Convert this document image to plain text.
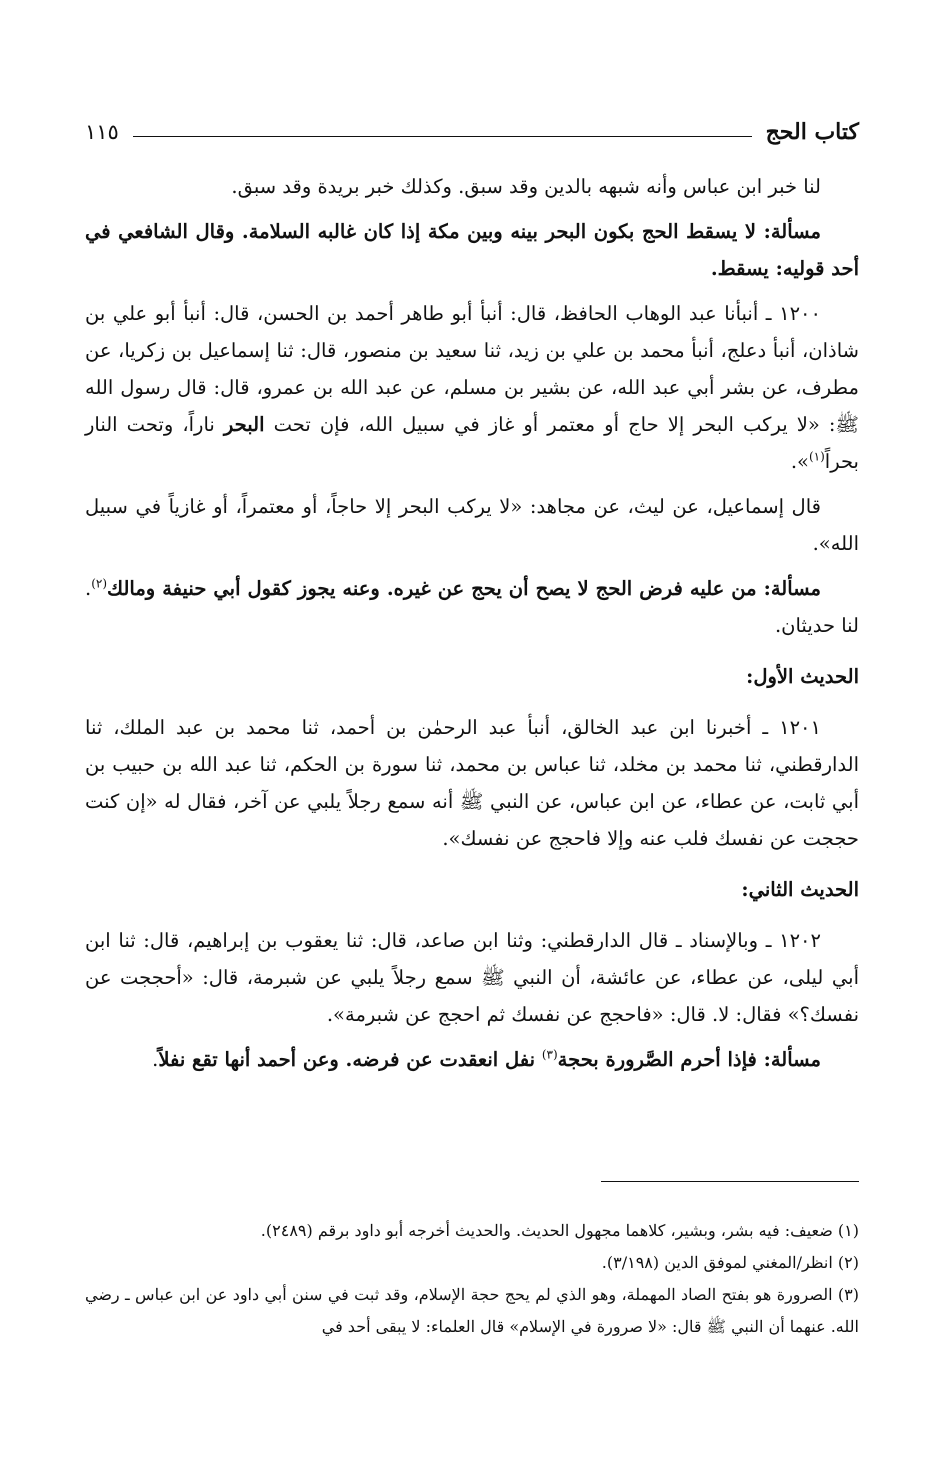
كتاب الحج
١١٥

لنا خبر ابن عباس وأنه شبهه بالدين وقد سبق. وكذلك خبر بريدة وقد سبق.

مسألة: لا يسقط الحج بكون البحر بينه وبين مكة إذا كان غالبه السلامة. وقال الشافعي في أحد قوليه: يسقط.

١٢٠٠ ـ أنبأنا عبد الوهاب الحافظ، قال: أنبأ أبو طاهر أحمد بن الحسن، قال: أنبأ أبو علي بن شاذان، أنبأ دعلج، أنبأ محمد بن علي بن زيد، ثنا سعيد بن منصور، قال: ثنا إسماعيل بن زكريا، عن مطرف، عن بشر أبي عبد الله، عن بشير بن مسلم، عن عبد الله بن عمرو، قال: قال رسول الله ﷺ: «لا يركب البحر إلا حاج أو معتمر أو غاز في سبيل الله، فإن تحت البحر ناراً، وتحت النار بحراً$^{(١)}$».

قال إسماعيل، عن ليث، عن مجاهد: «لا يركب البحر إلا حاجاً، أو معتمراً، أو غازياً في سبيل الله».

مسألة: من عليه فرض الحج لا يصح أن يحج عن غيره. وعنه يجوز كقول أبي حنيفة ومالك$^{(٢)}$. لنا حديثان.

الحديث الأول:

١٢٠١ ـ أخبرنا ابن عبد الخالق، أنبأ عبد الرحمٰن بن أحمد، ثنا محمد بن عبد الملك، ثنا الدارقطني، ثنا محمد بن مخلد، ثنا عباس بن محمد، ثنا سورة بن الحكم، ثنا عبد الله بن حبيب بن أبي ثابت، عن عطاء، عن ابن عباس، عن النبي ﷺ أنه سمع رجلاً يلبي عن آخر، فقال له «إن كنت حججت عن نفسك فلب عنه وإلا فاحجج عن نفسك».

الحديث الثاني:

١٢٠٢ ـ وبالإسناد ـ قال الدارقطني: وثنا ابن صاعد، قال: ثنا يعقوب بن إبراهيم، قال: ثنا ابن أبي ليلى، عن عطاء، عن عائشة، أن النبي ﷺ سمع رجلاً يلبي عن شبرمة، قال: «أحججت عن نفسك؟» فقال: لا. قال: «فاحجج عن نفسك ثم احجج عن شبرمة».

مسألة: فإذا أحرم الصَّرورة بحجة$^{(٣)}$ نفل انعقدت عن فرضه. وعن أحمد أنها تقع نفلاً.

(١) ضعيف: فيه بشر، وبشير، كلاهما مجهول الحديث. والحديث أخرجه أبو داود برقم (٢٤٨٩).

(٢) انظر/المغني لموفق الدين (٣/١٩٨).

(٣) الصرورة هو بفتح الصاد المهملة، وهو الذي لم يحج حجة الإسلام، وقد ثبت في سنن أبي داود عن ابن عباس ـ رضي الله. عنهما أن النبي ﷺ قال: «لا صرورة في الإسلام» قال العلماء: لا يبقى أحد في
